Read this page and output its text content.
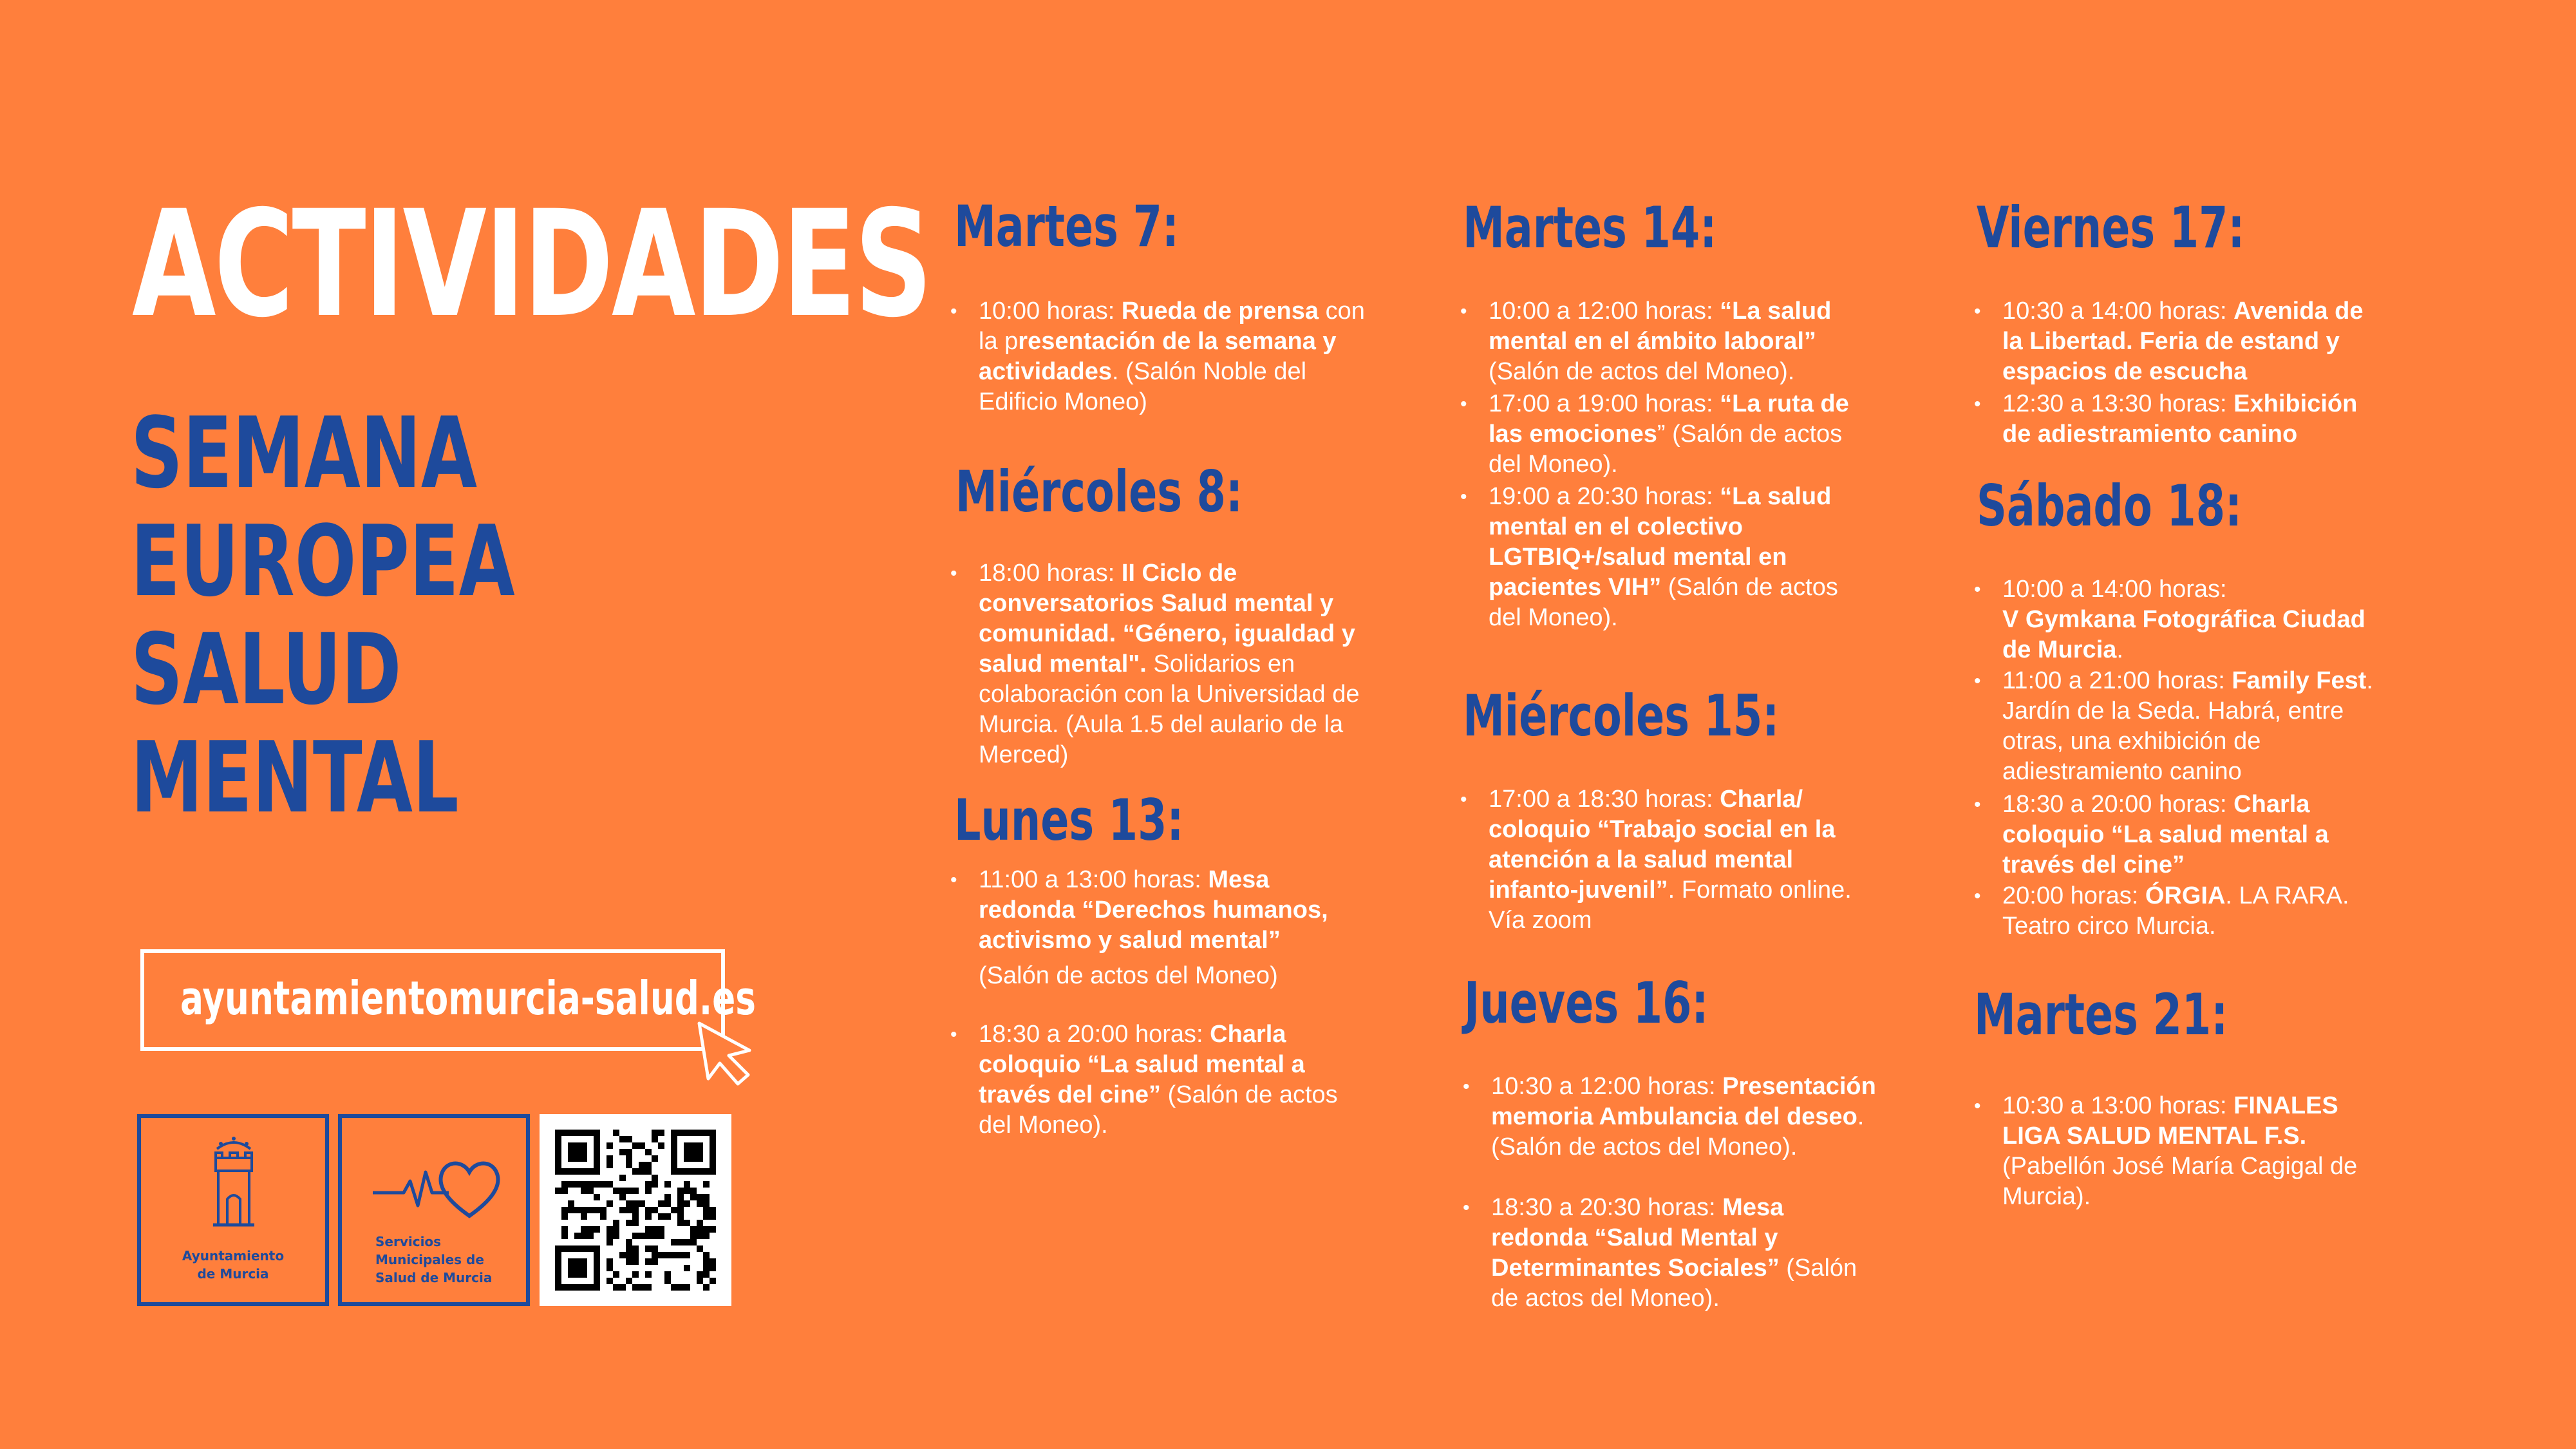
ACTIVIDADES
SEMANA
EUROPEA
SALUD
MENTAL
ayuntamientomurcia-salud.es
Ayuntamiento
de Murcia
Servicios
Municipales de
Salud de Murcia
Martes 7:
• 10:00 horas: Rueda de prensa con la presentación de la semana y actividades. (Salón Noble del Edificio Moneo)
Miércoles 8:
• 18:00 horas: II Ciclo de conversatorios Salud mental y comunidad. “Género, igualdad y salud mental". Solidarios en colaboración con la Universidad de Murcia. (Aula 1.5 del aulario de la Merced)
Lunes 13:
• 11:00 a 13:00 horas: Mesa redonda “Derechos humanos, activismo y salud mental”
(Salón de actos del Moneo)
• 18:30 a 20:00 horas: Charla coloquio “La salud mental a través del cine” (Salón de actos del Moneo).
Martes 14:
• 10:00 a 12:00 horas: “La salud mental en el ámbito laboral” (Salón de actos del Moneo).
• 17:00 a 19:00 horas: “La ruta de las emociones” (Salón de actos del Moneo).
• 19:00 a 20:30 horas: “La salud mental en el colectivo LGTBIQ+/salud mental en pacientes VIH” (Salón de actos del Moneo).
Miércoles 15:
• 17:00 a 18:30 horas: Charla/ coloquio “Trabajo social en la atención a la salud mental infanto-juvenil”. Formato online. Vía zoom
Jueves 16:
• 10:30 a 12:00 horas: Presentación memoria Ambulancia del deseo. (Salón de actos del Moneo).
• 18:30 a 20:30 horas: Mesa redonda “Salud Mental y Determinantes Sociales” (Salón de actos del Moneo).
Viernes 17:
• 10:30 a 14:00 horas: Avenida de la Libertad. Feria de estand y espacios de escucha
• 12:30 a 13:30 horas: Exhibición de adiestramiento canino
Sábado 18:
• 10:00 a 14:00 horas:
V Gymkana Fotográfica Ciudad de Murcia.
• 11:00 a 21:00 horas: Family Fest. Jardín de la Seda. Habrá, entre otras, una exhibición de adiestramiento canino
• 18:30 a 20:00 horas: Charla coloquio “La salud mental a través del cine”
• 20:00 horas: ÓRGIA. LA RARA. Teatro circo Murcia.
Martes 21:
• 10:30 a 13:00 horas: FINALES LIGA SALUD MENTAL F.S. (Pabellón José María Cagigal de Murcia).
